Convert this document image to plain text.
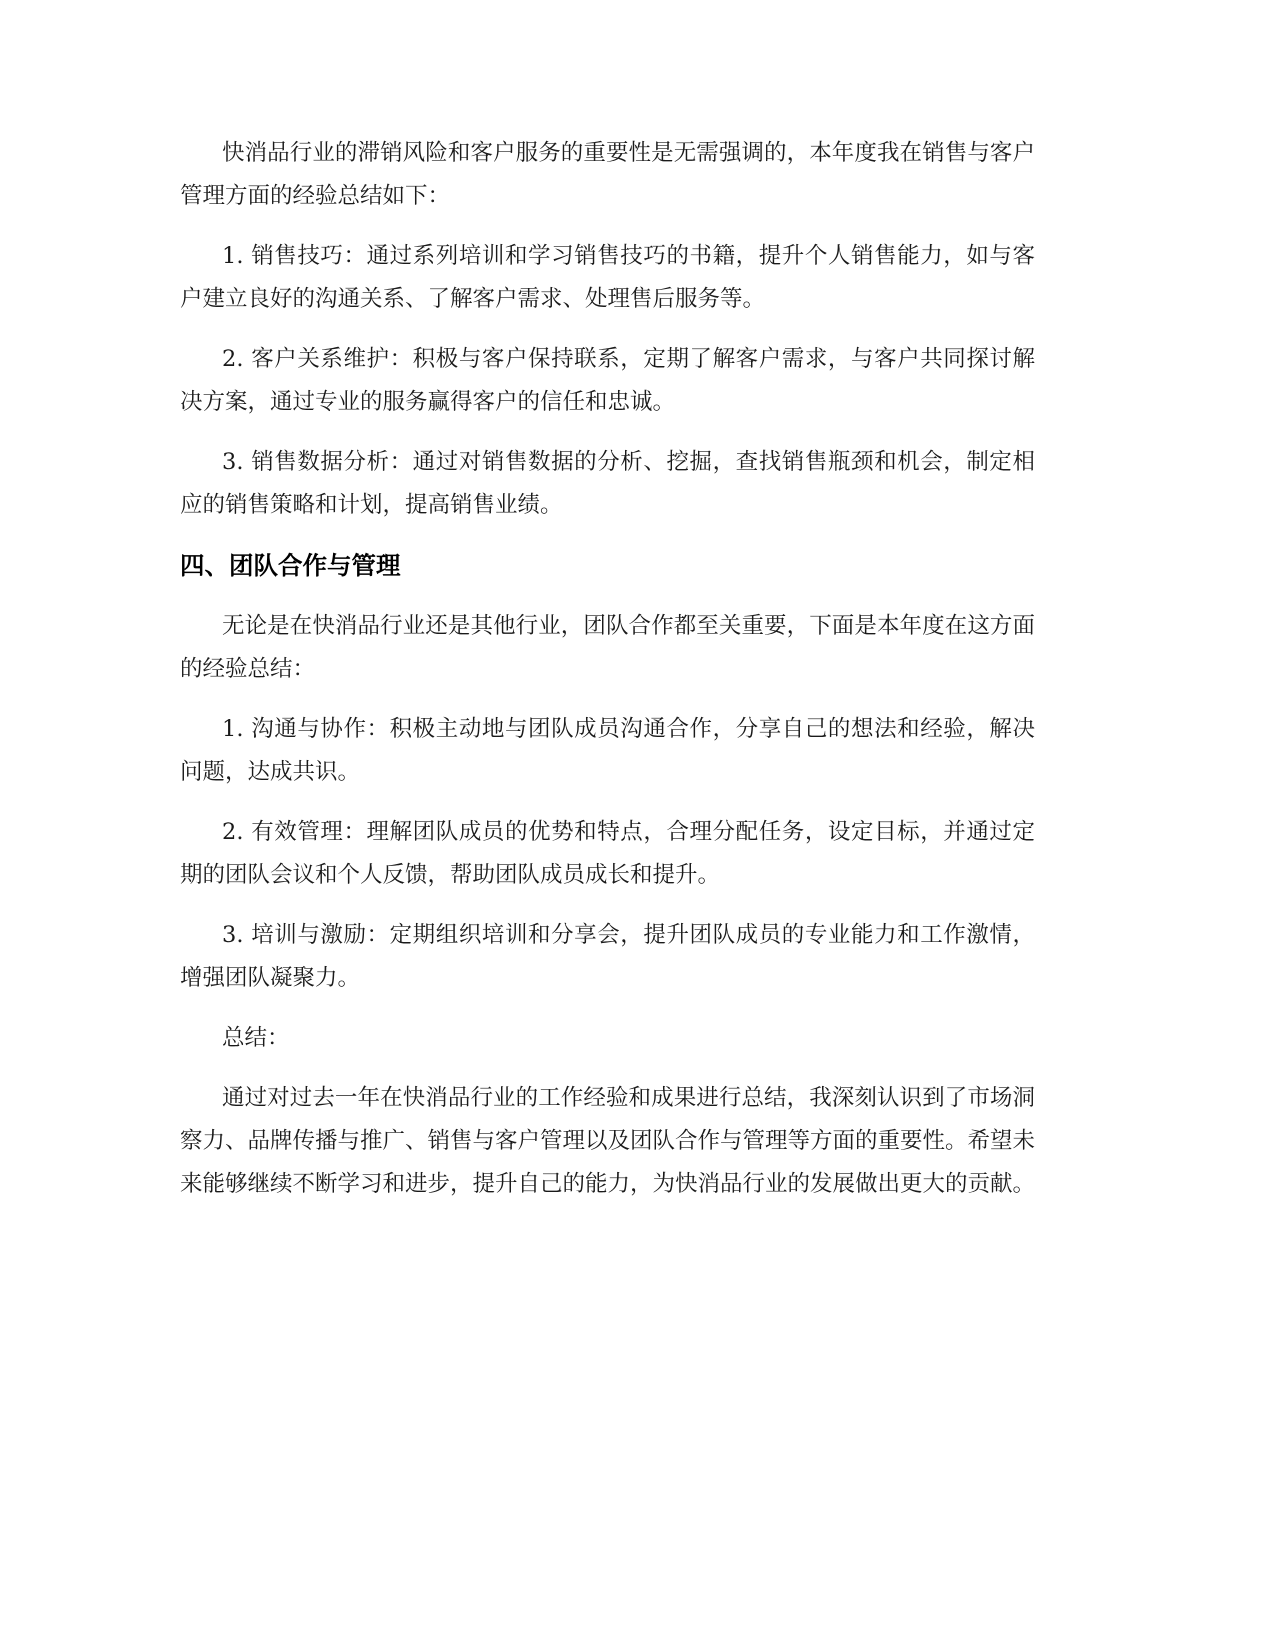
快消品行业的滞销风险和客户服务的重要性是无需强调的，本年度我在销售与客户管理方面的经验总结如下：

1. 销售技巧：通过系列培训和学习销售技巧的书籍，提升个人销售能力，如与客户建立良好的沟通关系、了解客户需求、处理售后服务等。

2. 客户关系维护：积极与客户保持联系，定期了解客户需求，与客户共同探讨解决方案，通过专业的服务赢得客户的信任和忠诚。

3. 销售数据分析：通过对销售数据的分析、挖掘，查找销售瓶颈和机会，制定相应的销售策略和计划，提高销售业绩。

四、团队合作与管理

无论是在快消品行业还是其他行业，团队合作都至关重要，下面是本年度在这方面的经验总结：

1. 沟通与协作：积极主动地与团队成员沟通合作，分享自己的想法和经验，解决问题，达成共识。

2. 有效管理：理解团队成员的优势和特点，合理分配任务，设定目标，并通过定期的团队会议和个人反馈，帮助团队成员成长和提升。

3. 培训与激励：定期组织培训和分享会，提升团队成员的专业能力和工作激情，增强团队凝聚力。

总结：

通过对过去一年在快消品行业的工作经验和成果进行总结，我深刻认识到了市场洞察力、品牌传播与推广、销售与客户管理以及团队合作与管理等方面的重要性。希望未来能够继续不断学习和进步，提升自己的能力，为快消品行业的发展做出更大的贡献。
